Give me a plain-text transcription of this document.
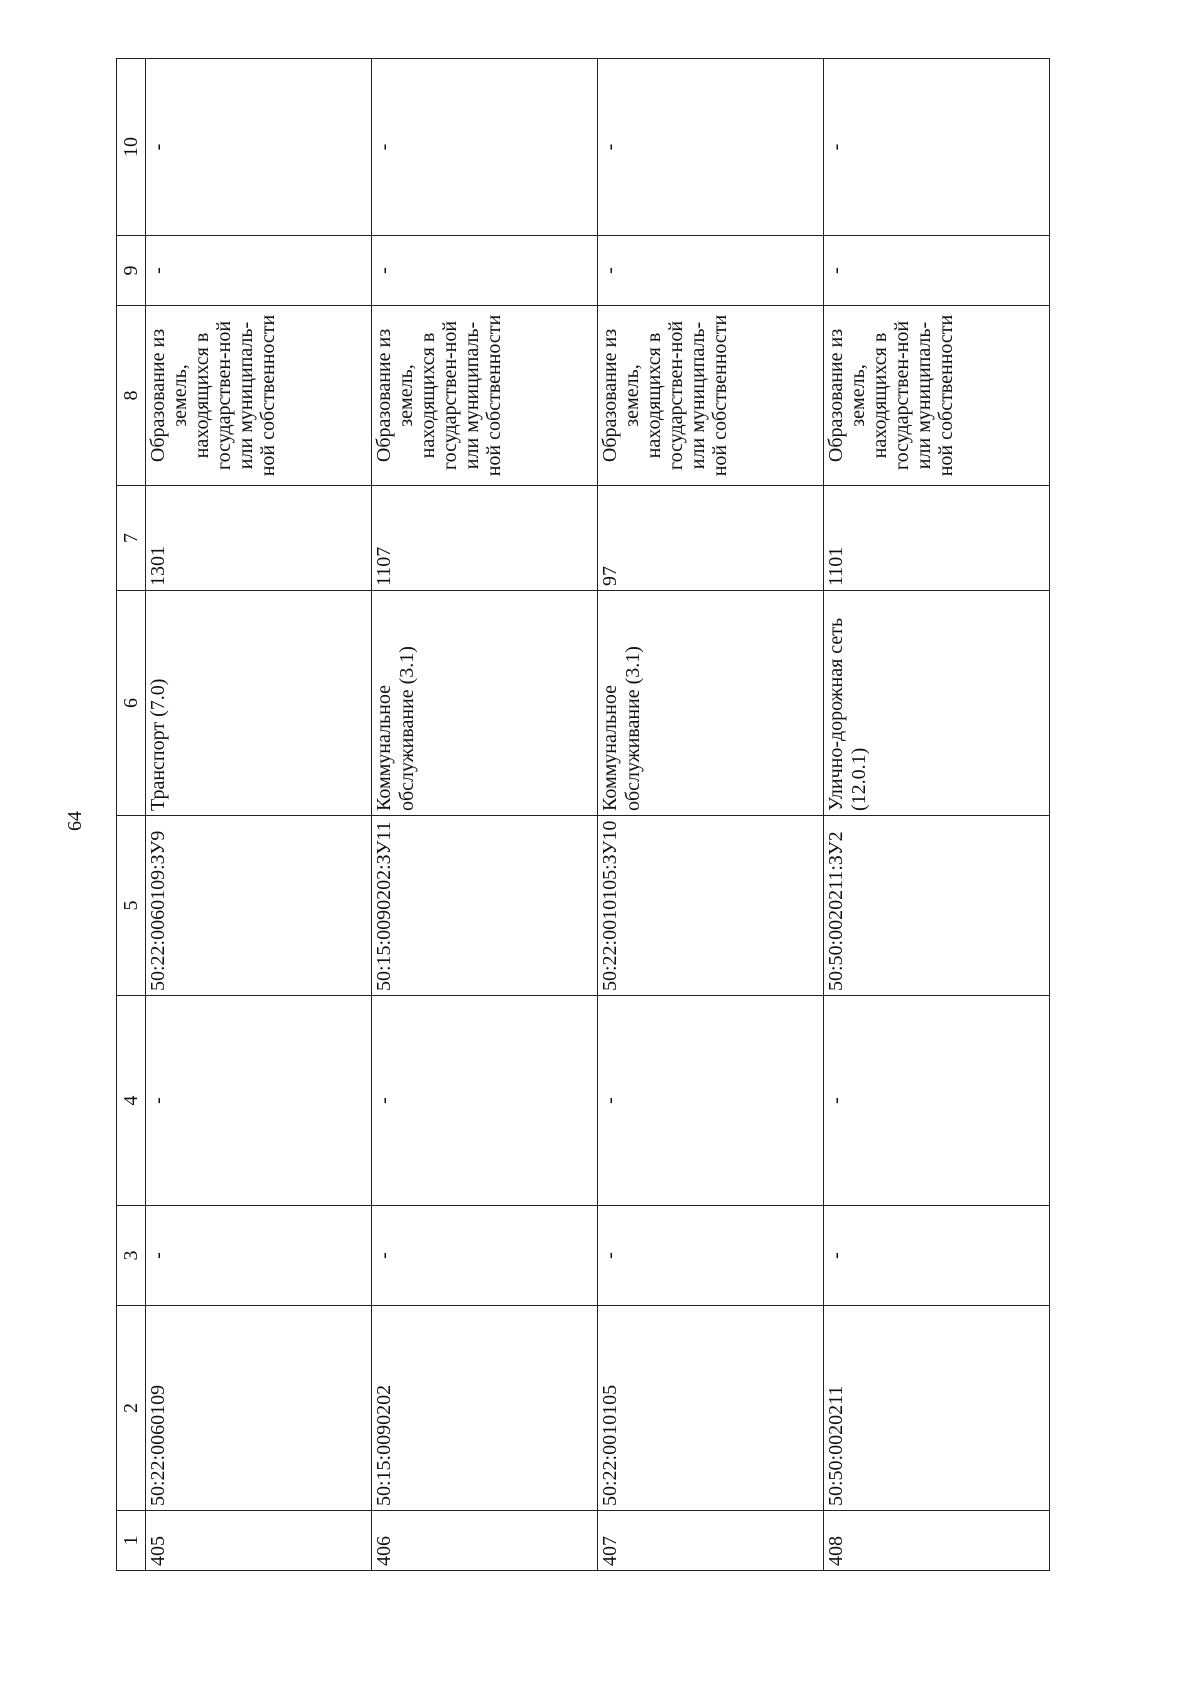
64
1	2	3	4	5	6	7	8	9	10
405	50:22:0060109	-	-	50:22:0060109:ЗУ9	Транспорт (7.0)	1301	Образование из земель, находящихся в государствен-ной или муниципаль-ной собственности	-	-
406	50:15:0090202	-	-	50:15:0090202:ЗУ11	Коммунальное обслуживание (3.1)	1107	Образование из земель, находящихся в государствен-ной или муниципаль-ной собственности	-	-
407	50:22:0010105	-	-	50:22:0010105:ЗУ10	Коммунальное обслуживание (3.1)	97	Образование из земель, находящихся в государствен-ной или муниципаль-ной собственности	-	-
408	50:50:0020211	-	-	50:50:0020211:ЗУ2	Улично-дорожная сеть (12.0.1)	1101	Образование из земель, находящихся в государствен-ной или муниципаль-ной собственности	-	-
